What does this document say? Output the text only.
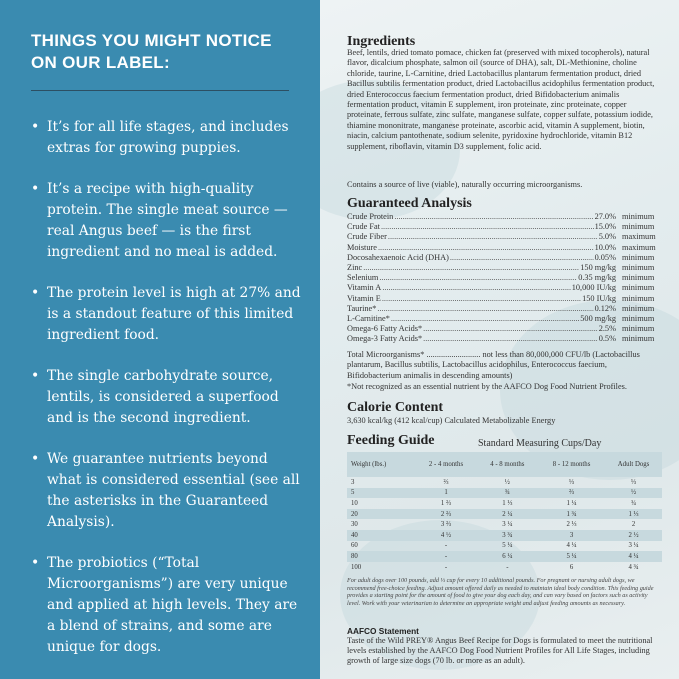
THINGS YOU MIGHT NOTICE ON OUR LABEL:
• It’s for all life stages, and includes extras for growing puppies.
• It’s a recipe with high-quality protein. The single meat source — real Angus beef — is the first ingredient and no meal is added.
• The protein level is high at 27% and is a standout feature of this limited ingredient food.
• The single carbohydrate source, lentils, is considered a superfood and is the second ingredient.
• We guarantee nutrients beyond what is considered essential (see all the asterisks in the Guaranteed Analysis).
• The probiotics (“Total Microorganisms”) are very unique and applied at high levels. They are a blend of strains, and some are unique for dogs.
Ingredients
Beef, lentils, dried tomato pomace, chicken fat (preserved with mixed tocopherols), natural flavor, dicalcium phosphate, salmon oil (source of DHA), salt, DL-Methionine, choline chloride, taurine, L-Carnitine, dried Lactobacillus plantarum fermentation product, dried Bacillus subtilis fermentation product, dried Lactobacillus acidophilus fermentation product, dried Enterococcus faecium fermentation product, dried Bifidobacterium animalis fermentation product, vitamin E supplement, iron proteinate, zinc proteinate, copper proteinate, ferrous sulfate, zinc sulfate, manganese sulfate, copper sulfate, potassium iodide, thiamine mononitrate, manganese proteinate, ascorbic acid, vitamin A supplement, biotin, niacin, calcium pantothenate, sodium selenite, pyridoxine hydrochloride, vitamin B12 supplement, riboflavin, vitamin D3 supplement, folic acid.
Contains a source of live (viable), naturally occurring microorganisms.
Guaranteed Analysis
Crude Protein .....	27.0% minimum
Crude Fat .....	15.0% minimum
Crude Fiber .....	5.0% maximum
Moisture .....	10.0% maximum
Docosahexaenoic Acid (DHA) .....	0.05% minimum
Zinc .....	150 mg/kg minimum
Selenium .....	0.35 mg/kg minimum
Vitamin A .....	10,000 IU/kg minimum
Vitamin E .....	150 IU/kg minimum
Taurine* .....	0.12% minimum
L-Carnitine* .....	500 mg/kg minimum
Omega-6 Fatty Acids* .....	2.5% minimum
Omega-3 Fatty Acids* .....	0.5% minimum
Total Microorganisms* .......................... not less than 80,000,000 CFU/lb (Lactobacillus plantarum, Bacillus subtilis, Lactobacillus acidophilus, Enterococcus faecium, Bifidobacterium animalis in descending amounts)
*Not recognized as an essential nutrient by the AAFCO Dog Food Nutrient Profiles.
Calorie Content
3,630 kcal/kg (412 kcal/cup) Calculated Metabolizable Energy
Feeding Guide	Standard Measuring Cups/Day
Weight (lbs.)	2 - 4 months	4 - 8 months	8 - 12 months	Adult Dogs
3	⅔	½	⅓	⅓
5	1	¾	⅔	½
10	1 ⅔	1 ⅓	1 ¼	¾
20	2 ⅔	2 ¼	1 ¾	1 ⅓
30	3 ⅔	3 ¼	2 ⅓	2
40	4 ½	3 ¾	3	2 ½
60	-	5 ¼	4 ¼	3 ¼
80	-	6 ¼	5 ¼	4 ¼
100	-	-	6	4 ¾
For adult dogs over 100 pounds, add ⅓ cup for every 10 additional pounds. For pregnant or nursing adult dogs, we recommend free-choice feeding. Adjust amount offered daily as needed to maintain ideal body condition. This feeding guide provides a starting point for the amount of food to give your dog each day, and can vary based on factors such as activity level. Work with your veterinarian to determine an appropriate weight and adjust feeding amounts as necessary.
AAFCO Statement
Taste of the Wild PREY® Angus Beef Recipe for Dogs is formulated to meet the nutritional levels established by the AAFCO Dog Food Nutrient Profiles for All Life Stages, including growth of large size dogs (70 lb. or more as an adult).
